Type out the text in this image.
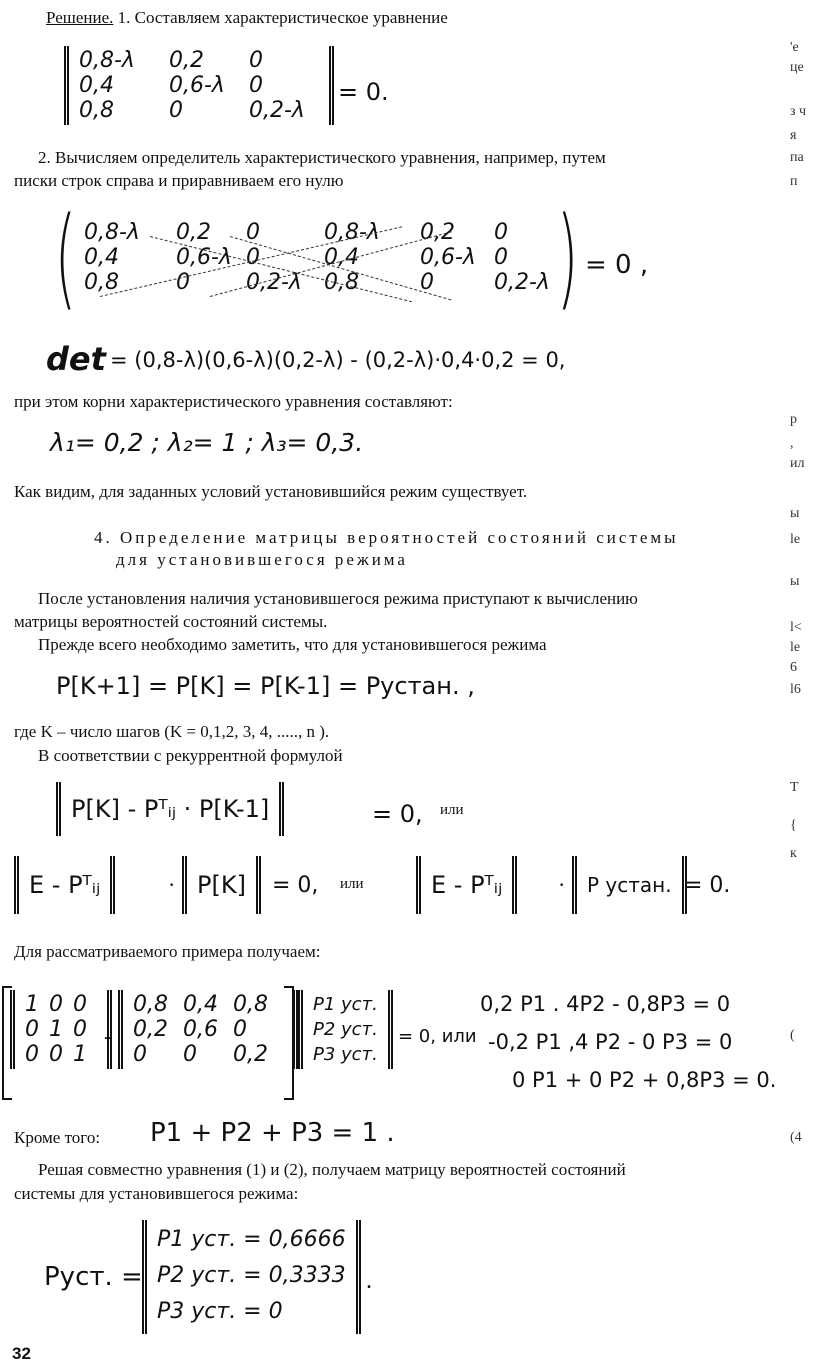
Решение. 1. Составляем характеристическое уравнение
0,8-λ	0,2	0
0,4	0,6-λ	0
0,8	0	0,2-λ
= 0.
2. Вычисляем определитель характеристического уравнения, например, путем
писки строк справа и приравниваем его нулю
(	)
0,8-λ	0,2	0	0,8-λ	0,2	0
0,4	0,6-λ	0	0,4	0,6-λ	0
0,8	0	0,2-λ	0,8	0	0,2-λ
= 0 ,
det = (0,8-λ)(0,6-λ)(0,2-λ) - (0,2-λ)·0,4·0,2 = 0,
при этом корни характеристического уравнения составляют:
λ₁= 0,2 ; λ₂= 1 ; λ₃= 0,3.
Как видим, для заданных условий установившийся режим существует.
4. Определение матрицы вероятностей состояний системы
для установившегося режима
После установления наличия установившегося режима приступают к вычислению
матрицы вероятностей состояний системы.
Прежде всего необходимо заметить, что для установившегося режима
P[K+1] = P[K] = P[K-1] = Pустан. ,
где K – число шагов (K = 0,1,2, 3, 4, ....., n ).
В соответствии с рекуррентной формулой
P[K] - Pᵀᵢⱼ · P[K-1]	= 0, или
E - Pᵀᵢⱼ	· P[K]	= 0, или	E - Pᵀᵢⱼ	·	P устан. = 0.
Для рассматриваемого примера получаем:
1	0	0
0	1	0
0	0	1
-
0,8	0,4	0,8
0,2	0,6	0
0	0	0,2
·
P1 уст.
P2 уст.
P3 уст.
= 0, или
0,2 P1 . 4P2 - 0,8P3 = 0
-0,2 P1 ,4 P2 - 0 P3 = 0
0 P1 + 0 P2 + 0,8P3 = 0.
Кроме того: P1 + P2 + P3 = 1 .
Решая совместно уравнения (1) и (2), получаем матрицу вероятностей состояний
системы для установившегося режима:
Pуст. =
P1 уст. = 0,6666
P2 уст. = 0,3333
P3 уст. = 0
.
32
'е
це
з ч
я
па
п
р
,
ил
ы
le
ы
l<
lе
6
l6
Т
{
к
(
(4
